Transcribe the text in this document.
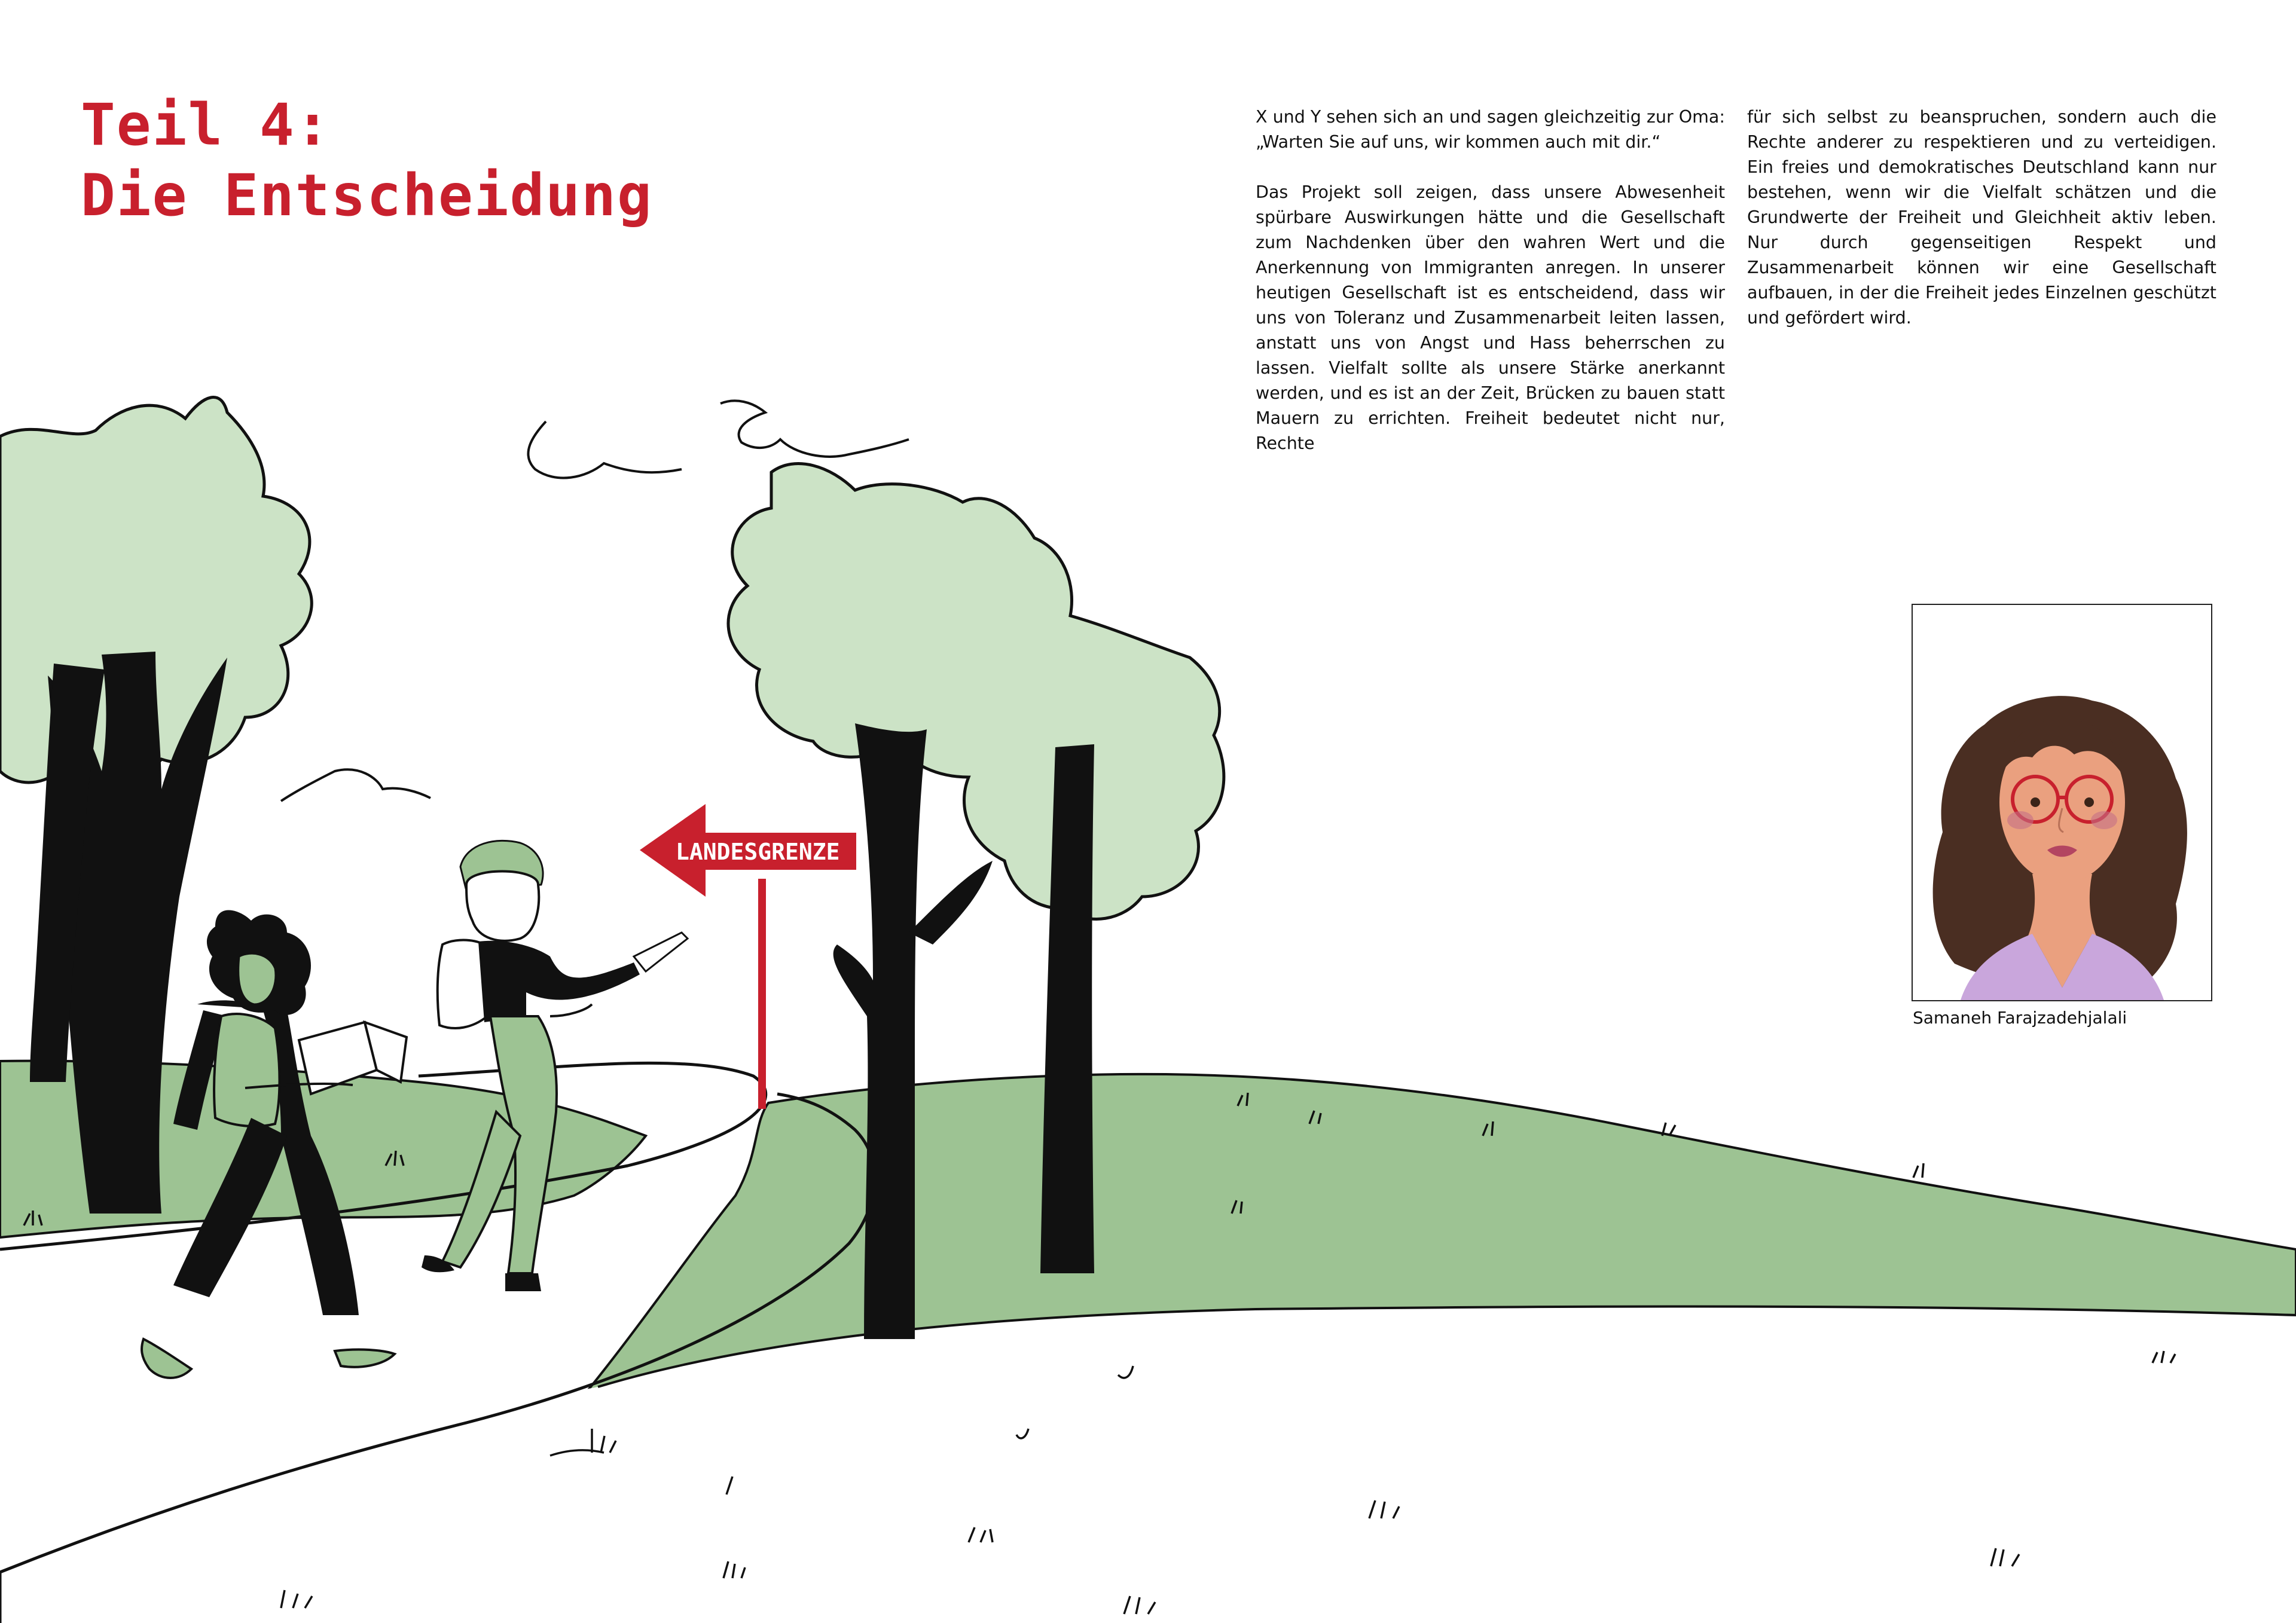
Teil 4:
Die Entscheidung

X und Y sehen sich an und sagen gleichzeitig zur Oma: „Warten Sie auf uns, wir kommen auch mit dir.“

Das Projekt soll zeigen, dass unsere Abwesenheit spürbare Auswirkungen hätte und die Gesellschaft zum Nachdenken über den wahren Wert und die Anerkennung von Immigranten anregen. In unserer heutigen Gesellschaft ist es entscheidend, dass wir uns von Toleranz und Zusammenarbeit leiten lassen, anstatt uns von Angst und Hass beherrschen zu lassen. Vielfalt sollte als unsere Stärke anerkannt werden, und es ist an der Zeit, Brücken zu bauen statt Mauern zu errichten. Freiheit bedeutet nicht nur, Rechte

für sich selbst zu beanspruchen, sondern auch die Rechte anderer zu respektieren und zu verteidigen. Ein freies und demokratisches Deutschland kann nur bestehen, wenn wir die Vielfalt schätzen und die Grundwerte der Freiheit und Gleichheit aktiv leben. Nur durch gegenseitigen Respekt und Zusammenarbeit können wir eine Gesellschaft aufbauen, in der die Freiheit jedes Einzelnen geschützt und gefördert wird.

LANDESGRENZE
Samaneh Farajzadehjalali
